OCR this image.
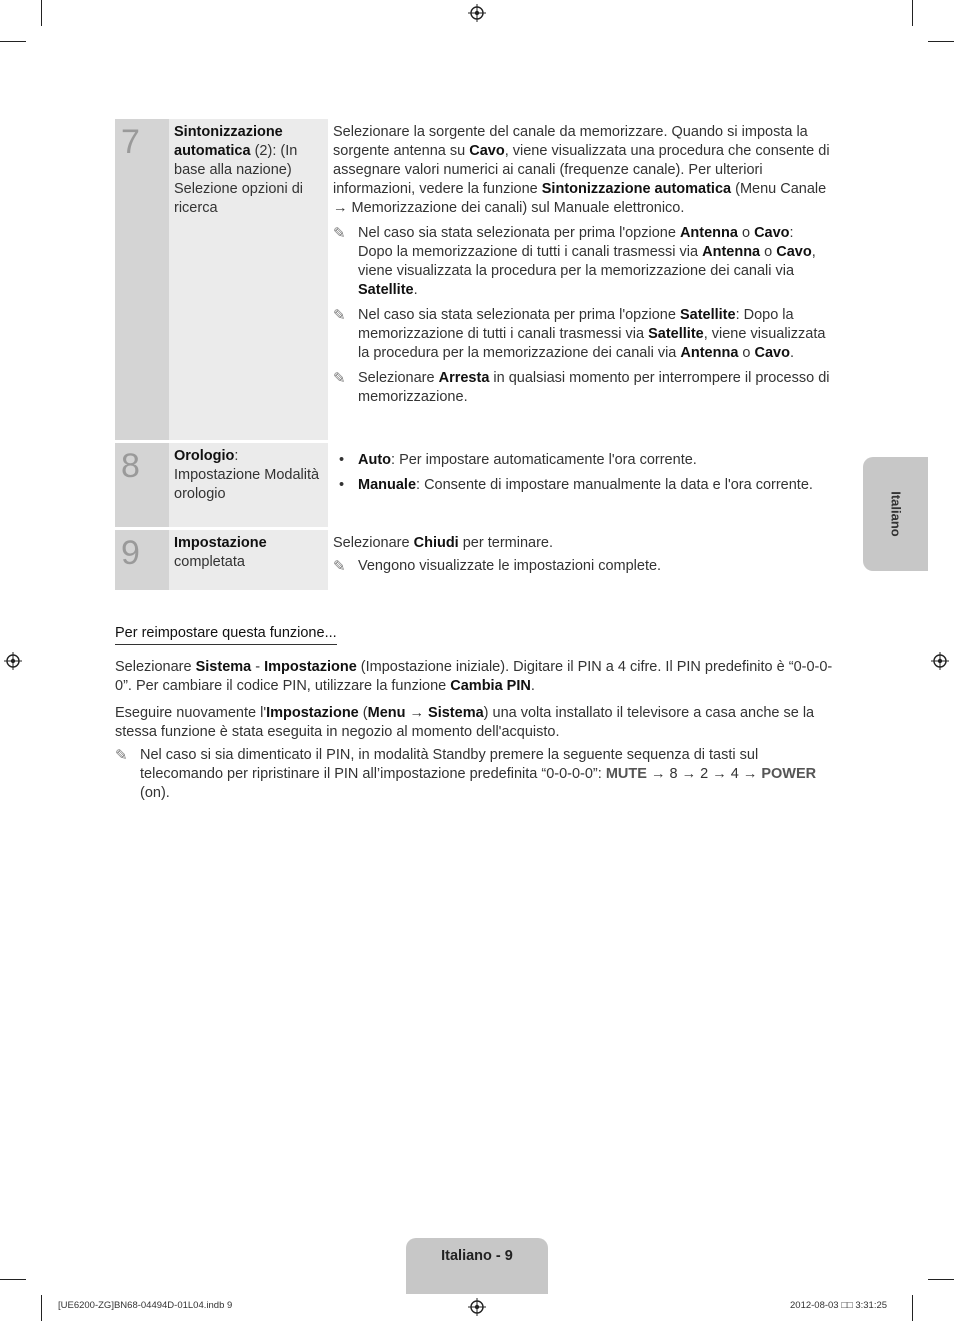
7	Sintonizzazione automatica (2): (In base alla nazione) Selezione opzioni di ricerca
Selezionare la sorgente del canale da memorizzare. Quando si imposta la sorgente antenna su Cavo, viene visualizzata una procedura che consente di assegnare valori numerici ai canali (frequenze canale). Per ulteriori informazioni, vedere la funzione Sintonizzazione automatica (Menu Canale → Memorizzazione dei canali) sul Manuale elettronico.
✎ Nel caso sia stata selezionata per prima l'opzione Antenna o Cavo: Dopo la memorizzazione di tutti i canali trasmessi via Antenna o Cavo, viene visualizzata la procedura per la memorizzazione dei canali via Satellite.
✎ Nel caso sia stata selezionata per prima l'opzione Satellite: Dopo la memorizzazione di tutti i canali trasmessi via Satellite, viene visualizzata la procedura per la memorizzazione dei canali via Antenna o Cavo.
✎ Selezionare Arresta in qualsiasi momento per interrompere il processo di memorizzazione.
8	Orologio: Impostazione Modalità orologio
• Auto: Per impostare automaticamente l'ora corrente.
• Manuale: Consente di impostare manualmente la data e l'ora corrente.
9	Impostazione completata
Selezionare Chiudi per terminare.
✎ Vengono visualizzate le impostazioni complete.
Per reimpostare questa funzione...

Selezionare Sistema - Impostazione (Impostazione iniziale). Digitare il PIN a 4 cifre. Il PIN predefinito è “0-0-0-0”. Per cambiare il codice PIN, utilizzare la funzione Cambia PIN.

Eseguire nuovamente l'Impostazione (Menu → Sistema) una volta installato il televisore a casa anche se la stessa funzione è stata eseguita in negozio al momento dell'acquisto.

✎ Nel caso si sia dimenticato il PIN, in modalità Standby premere la seguente sequenza di tasti sul telecomando per ripristinare il PIN all’impostazione predefinita “0-0-0-0”: MUTE → 8 → 2 → 4 → POWER (on).
Italiano
Italiano - 9
[UE6200-ZG]BN68-04494D-01L04.indb 9	2012-08-03 □□ 3:31:25
